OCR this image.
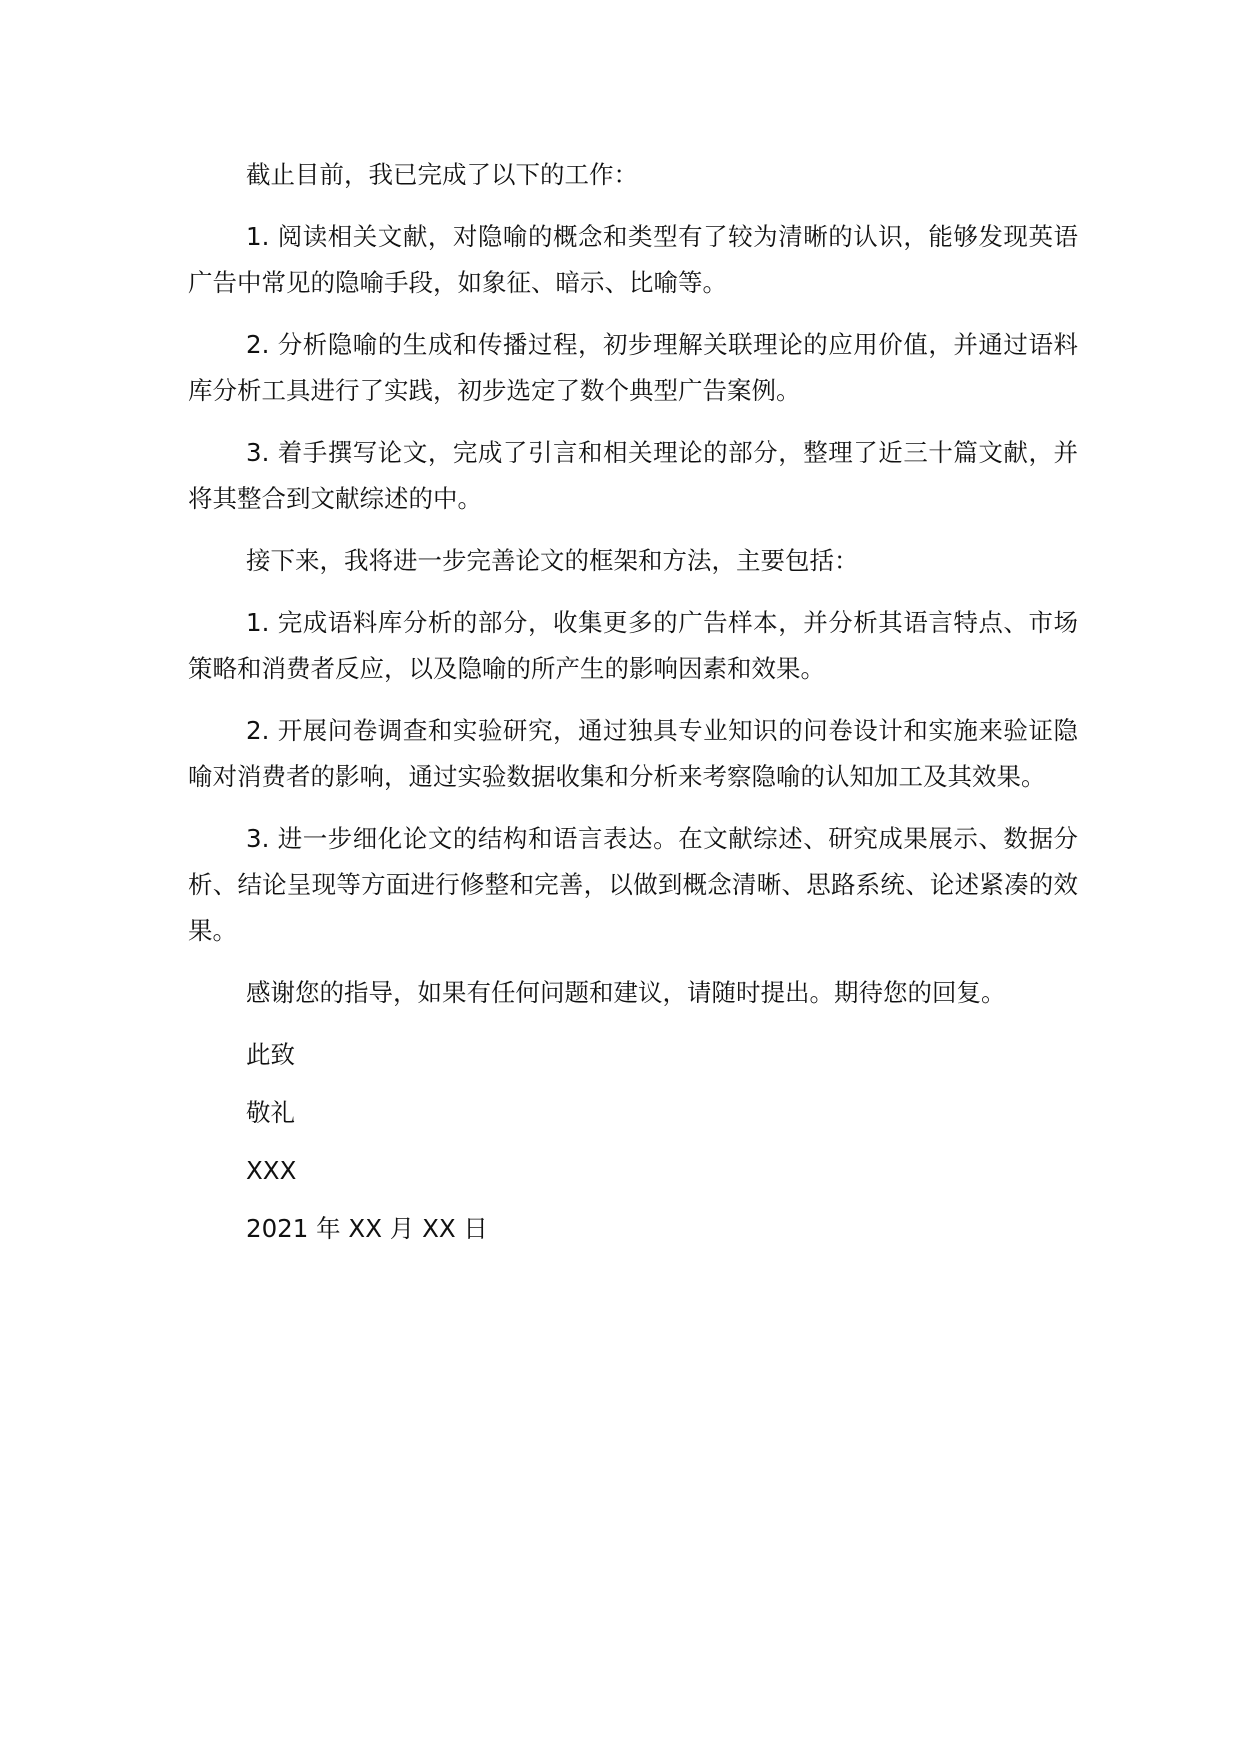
截止目前，我已完成了以下的工作：

1. 阅读相关文献，对隐喻的概念和类型有了较为清晰的认识，能够发现英语广告中常见的隐喻手段，如象征、暗示、比喻等。

2. 分析隐喻的生成和传播过程，初步理解关联理论的应用价值，并通过语料库分析工具进行了实践，初步选定了数个典型广告案例。

3. 着手撰写论文，完成了引言和相关理论的部分，整理了近三十篇文献，并将其整合到文献综述的中。

接下来，我将进一步完善论文的框架和方法，主要包括：

1. 完成语料库分析的部分，收集更多的广告样本，并分析其语言特点、市场策略和消费者反应，以及隐喻的所产生的影响因素和效果。

2. 开展问卷调查和实验研究，通过独具专业知识的问卷设计和实施来验证隐喻对消费者的影响，通过实验数据收集和分析来考察隐喻的认知加工及其效果。

3. 进一步细化论文的结构和语言表达。在文献综述、研究成果展示、数据分析、结论呈现等方面进行修整和完善，以做到概念清晰、思路系统、论述紧凑的效果。

感谢您的指导，如果有任何问题和建议，请随时提出。期待您的回复。

此致

敬礼

XXX

2021 年 XX 月 XX 日
